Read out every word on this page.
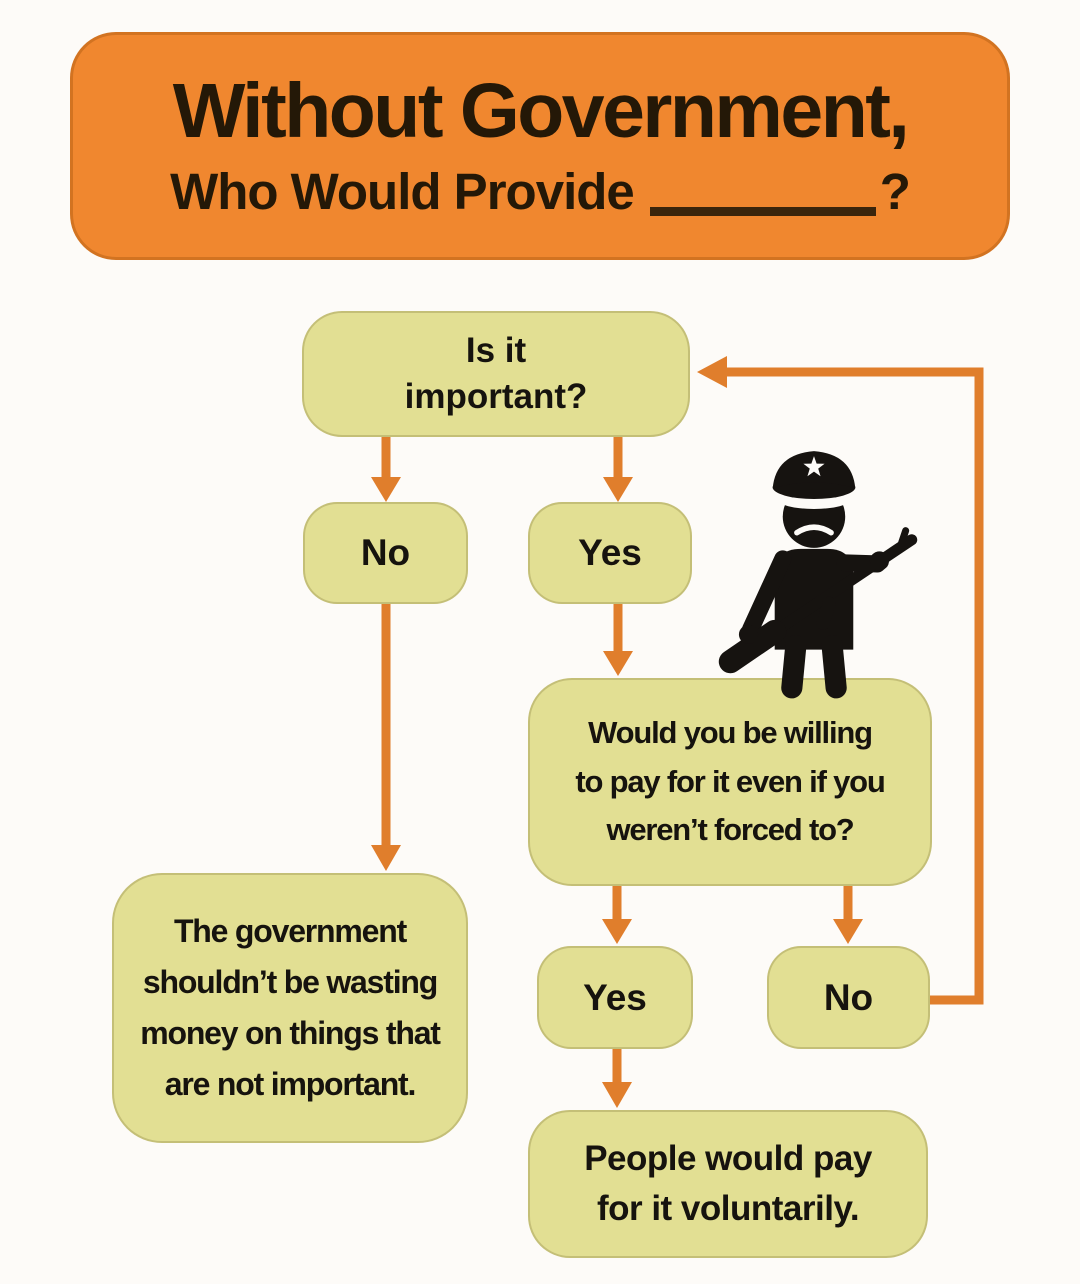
Without Government,
Who Would Provide	?
Is it
important?
No	Yes
Would you be willing
to pay for it even if you
weren’t forced to?
The government
shouldn’t be wasting
money on things that
are not important.
Yes	No
People would pay
for it voluntarily.
